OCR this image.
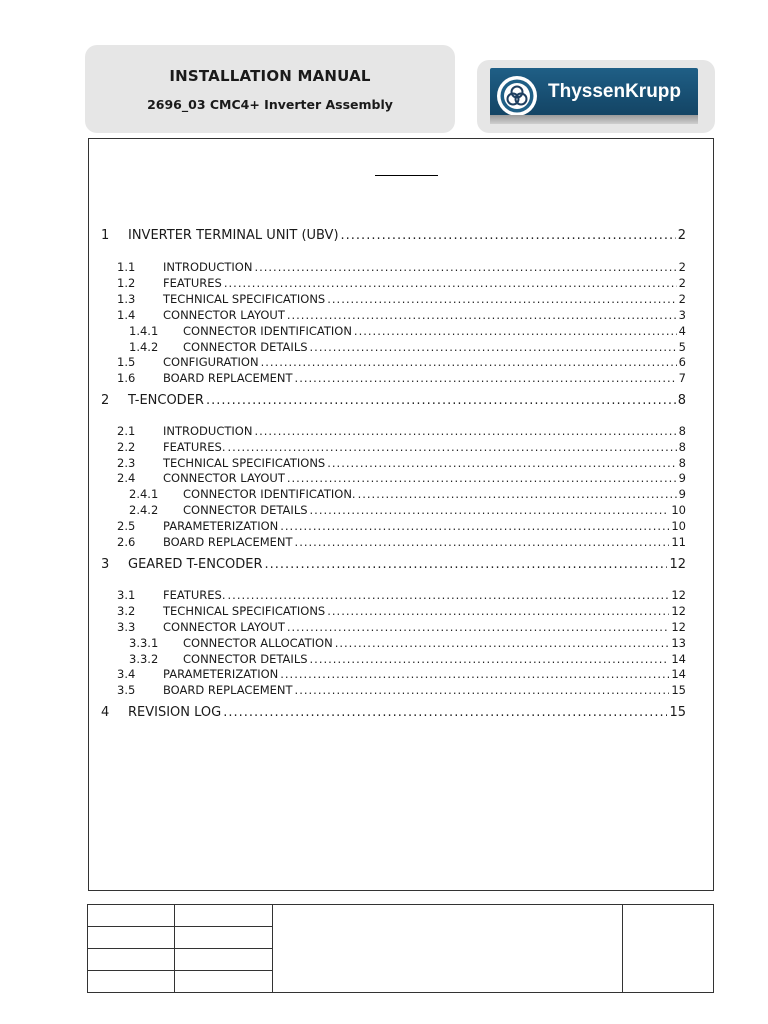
INSTALLATION MANUAL
2696_03 CMC4+ Inverter Assembly
ThyssenKrupp
1	INVERTER TERMINAL UNIT (UBV) .....	2
1.1	INTRODUCTION .....	2
1.2	FEATURES .....	2
1.3	TECHNICAL SPECIFICATIONS .....	2
1.4	CONNECTOR LAYOUT .....	3
1.4.1	CONNECTOR IDENTIFICATION .....	4
1.4.2	CONNECTOR DETAILS .....	5
1.5	CONFIGURATION .....	6
1.6	BOARD REPLACEMENT .....	7
2	T-ENCODER .....	8
2.1	INTRODUCTION .....	8
2.2	FEATURES. .....	8
2.3	TECHNICAL SPECIFICATIONS .....	8
2.4	CONNECTOR LAYOUT .....	9
2.4.1	CONNECTOR IDENTIFICATION. .....	9
2.4.2	CONNECTOR DETAILS .....	10
2.5	PARAMETERIZATION .....	10
2.6	BOARD REPLACEMENT .....	11
3	GEARED T-ENCODER .....	12
3.1	FEATURES. .....	12
3.2	TECHNICAL SPECIFICATIONS .....	12
3.3	CONNECTOR LAYOUT .....	12
3.3.1	CONNECTOR ALLOCATION .....	13
3.3.2	CONNECTOR DETAILS .....	14
3.4	PARAMETERIZATION .....	14
3.5	BOARD REPLACEMENT .....	15
4	REVISION LOG .....	15
